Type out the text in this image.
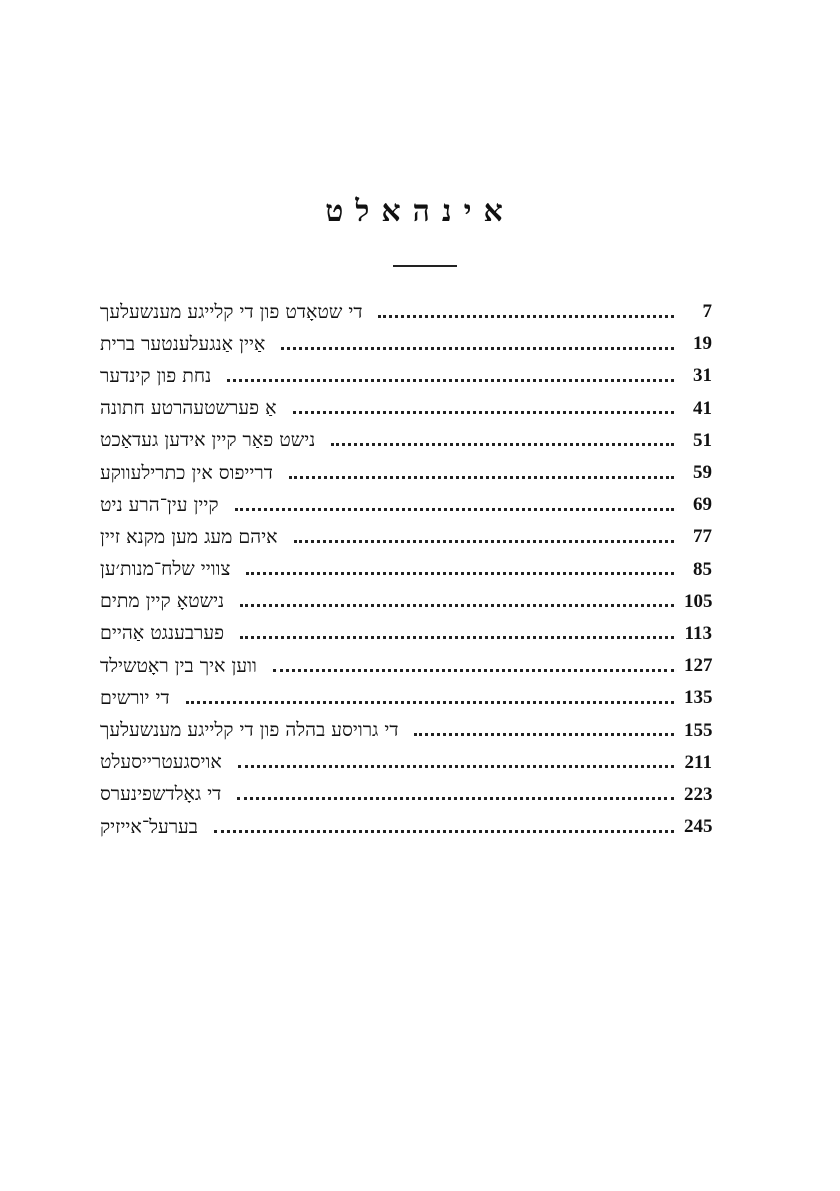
אינהאלט
די שטאָדט פון די קלייגע מענשעלעך	7
אַיין אַנגעלענטער ברית	19
נחת פון קינדער	31
אַ פערשטעהרטע חתונה	41
נישט פאַר קיין אידען געדאַכט	51
דרייפוס אין כתרילעווקע	59
קיין עין־הרע ניט	69
איהם מעג מען מקנא זיין	77
צוויי שלח־מנות׳ען	85
נישטאָ קיין מתים	105
פערבענגט אַהיים	113
ווען איך בין ראָטשילד	127
די יורשים	135
די גרויסע בהלה פון די קלייגע מענשעלעך	155
אויסגעטרייסעלט	211
די גאָלדשפינערס	223
בערעל־אייזיק	245
